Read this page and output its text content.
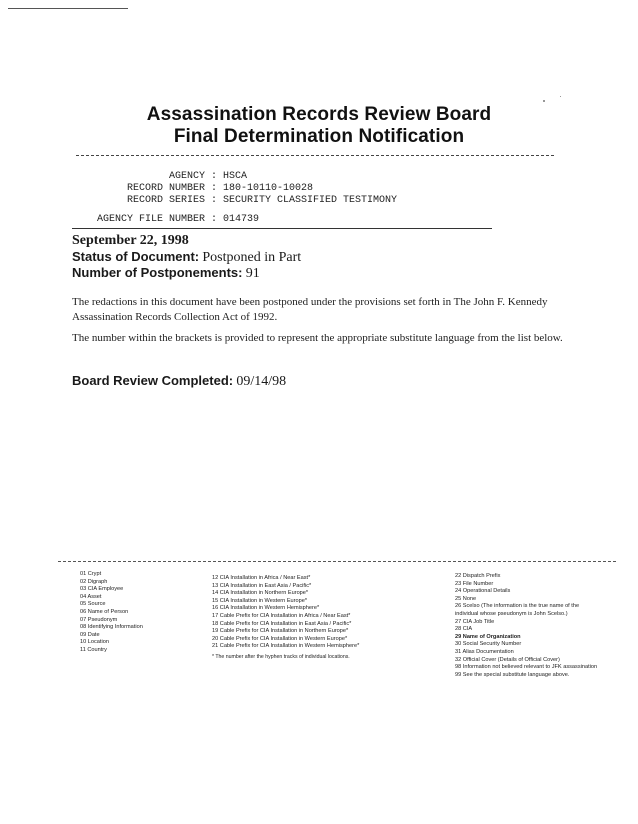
Assassination Records Review Board
Final Determination Notification

AGENCY : HSCA

RECORD NUMBER : 180-10110-10028

RECORD SERIES : SECURITY CLASSIFIED TESTIMONY

AGENCY FILE NUMBER : 014739

September 22, 1998
Status of Document: Postponed in Part
Number of Postponements: 91
The redactions in this document have been postponed under the provisions set forth in The John F. Kennedy Assassination Records Collection Act of 1992.
The number within the brackets is provided to represent the appropriate substitute language from the list below.
Board Review Completed: 09/14/98
01 Crypt
02 Digraph
03 CIA Employee
04 Asset
05 Source
06 Name of Person
07 Pseudonym
08 Identifying Information
09 Date
10 Location
11 Country
12 CIA Installation in Africa / Near East*
13 CIA Installation in East Asia / Pacific*
14 CIA Installation in Northern Europe*
15 CIA Installation in Western Europe*
16 CIA Installation in Western Hemisphere*
17 Cable Prefix for CIA Installation in Africa / Near East*
18 Cable Prefix for CIA Installation in East Asia / Pacific*
19 Cable Prefix for CIA Installation in Northern Europe*
20 Cable Prefix for CIA Installation in Western Europe*
21 Cable Prefix for CIA Installation in Western Hemisphere*
* The number after the hyphen tracks of individual locations.
22 Dispatch Prefix
23 File Number
24 Operational Details
25 None
26 Scelso (The information is the true name of the
individual whose pseudonym is John Scelso.)
27 CIA Job Title
28 CIA
29 Name of Organization
30 Social Security Number
31 Alias Documentation
32 Official Cover (Details of Official Cover)
98 Information not believed relevant to JFK assassination
99 See the special substitute language above.
